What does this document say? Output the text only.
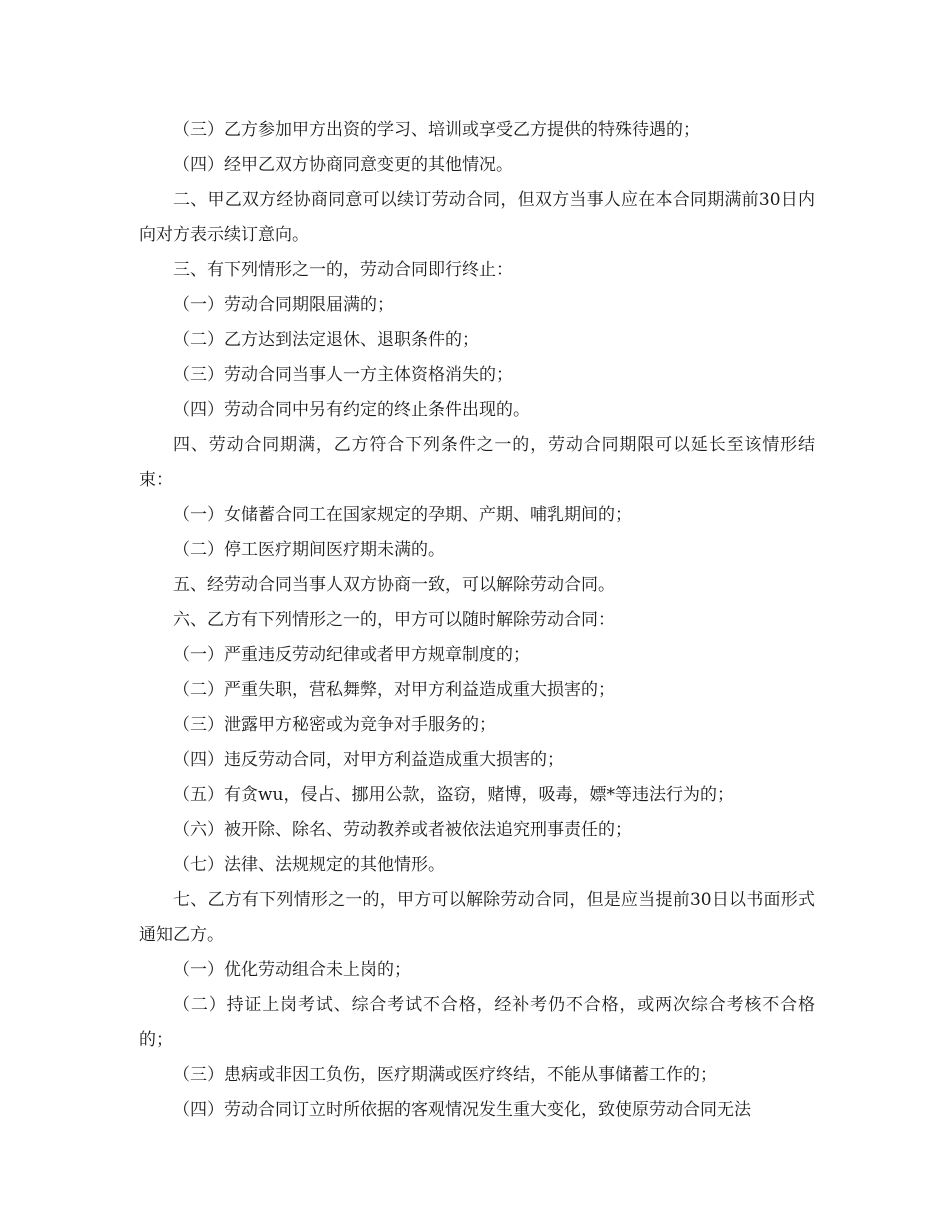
（三）乙方参加甲方出资的学习、培训或享受乙方提供的特殊待遇的；

（四）经甲乙双方协商同意变更的其他情况。

二、甲乙双方经协商同意可以续订劳动合同，但双方当事人应在本合同期满前30日内向对方表示续订意向。

三、有下列情形之一的，劳动合同即行终止：

（一）劳动合同期限届满的；

（二）乙方达到法定退休、退职条件的；

（三）劳动合同当事人一方主体资格消失的；

（四）劳动合同中另有约定的终止条件出现的。

四、劳动合同期满，乙方符合下列条件之一的，劳动合同期限可以延长至该情形结束：

（一）女储蓄合同工在国家规定的孕期、产期、哺乳期间的；

（二）停工医疗期间医疗期未满的。

五、经劳动合同当事人双方协商一致，可以解除劳动合同。

六、乙方有下列情形之一的，甲方可以随时解除劳动合同：

（一）严重违反劳动纪律或者甲方规章制度的；

（二）严重失职，营私舞弊，对甲方利益造成重大损害的；

（三）泄露甲方秘密或为竞争对手服务的；

（四）违反劳动合同，对甲方利益造成重大损害的；

（五）有贪wu，侵占、挪用公款，盗窃，赌博，吸毒，嫖*等违法行为的；

（六）被开除、除名、劳动教养或者被依法追究刑事责任的；

（七）法律、法规规定的其他情形。

七、乙方有下列情形之一的，甲方可以解除劳动合同，但是应当提前30日以书面形式通知乙方。

（一）优化劳动组合未上岗的；

（二）持证上岗考试、综合考试不合格，经补考仍不合格，或两次综合考核不合格的；

（三）患病或非因工负伤，医疗期满或医疗终结，不能从事储蓄工作的；

（四）劳动合同订立时所依据的客观情况发生重大变化，致使原劳动合同无法
